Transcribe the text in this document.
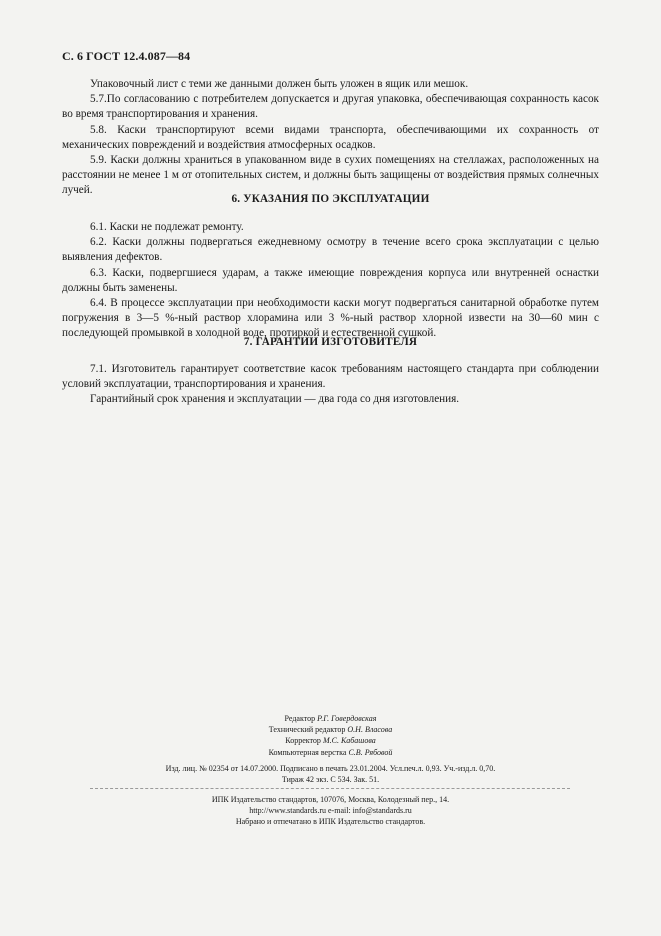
С. 6 ГОСТ 12.4.087—84

Упаковочный лист с теми же данными должен быть уложен в ящик или мешок.

5.7.По согласованию с потребителем допускается и другая упаковка, обеспечивающая сохранность касок во время транспортирования и хранения.

5.8. Каски транспортируют всеми видами транспорта, обеспечивающими их сохранность от механических повреждений и воздействия атмосферных осадков.

5.9. Каски должны храниться в упакованном виде в сухих помещениях на стеллажах, расположенных на расстоянии не менее 1 м от отопительных систем, и должны быть защищены от воздействия прямых солнечных лучей.

6. УКАЗАНИЯ ПО ЭКСПЛУАТАЦИИ

6.1. Каски не подлежат ремонту.

6.2. Каски должны подвергаться ежедневному осмотру в течение всего срока эксплуатации с целью выявления дефектов.

6.3. Каски, подвергшиеся ударам, а также имеющие повреждения корпуса или внутренней оснастки должны быть заменены.

6.4. В процессе эксплуатации при необходимости каски могут подвергаться санитарной обработке путем погружения в 3—5 %-ный раствор хлорамина или 3 %-ный раствор хлорной извести на 30—60 мин с последующей промывкой в холодной воде, протиркой и естественной сушкой.

7. ГАРАНТИИ ИЗГОТОВИТЕЛЯ

7.1. Изготовитель гарантирует соответствие касок требованиям настоящего стандарта при соблюдении условий эксплуатации, транспортирования и хранения.

Гарантийный срок хранения и эксплуатации — два года со дня изготовления.

Редактор Р.Г. Говердовская
Технический редактор О.Н. Власова
Корректор М.С. Кабашова
Компьютерная верстка С.В. Рябовой
Изд. лиц. № 02354 от 14.07.2000. Подписано в печать 23.01.2004. Усл.печ.л. 0,93. Уч.-изд.л. 0,70.
Тираж 42 экз. С 534. Зак. 51.
ИПК Издательство стандартов, 107076, Москва, Колодезный пер., 14.
http://www.standards.ru e-mail: info@standards.ru
Набрано и отпечатано в ИПК Издательство стандартов.
